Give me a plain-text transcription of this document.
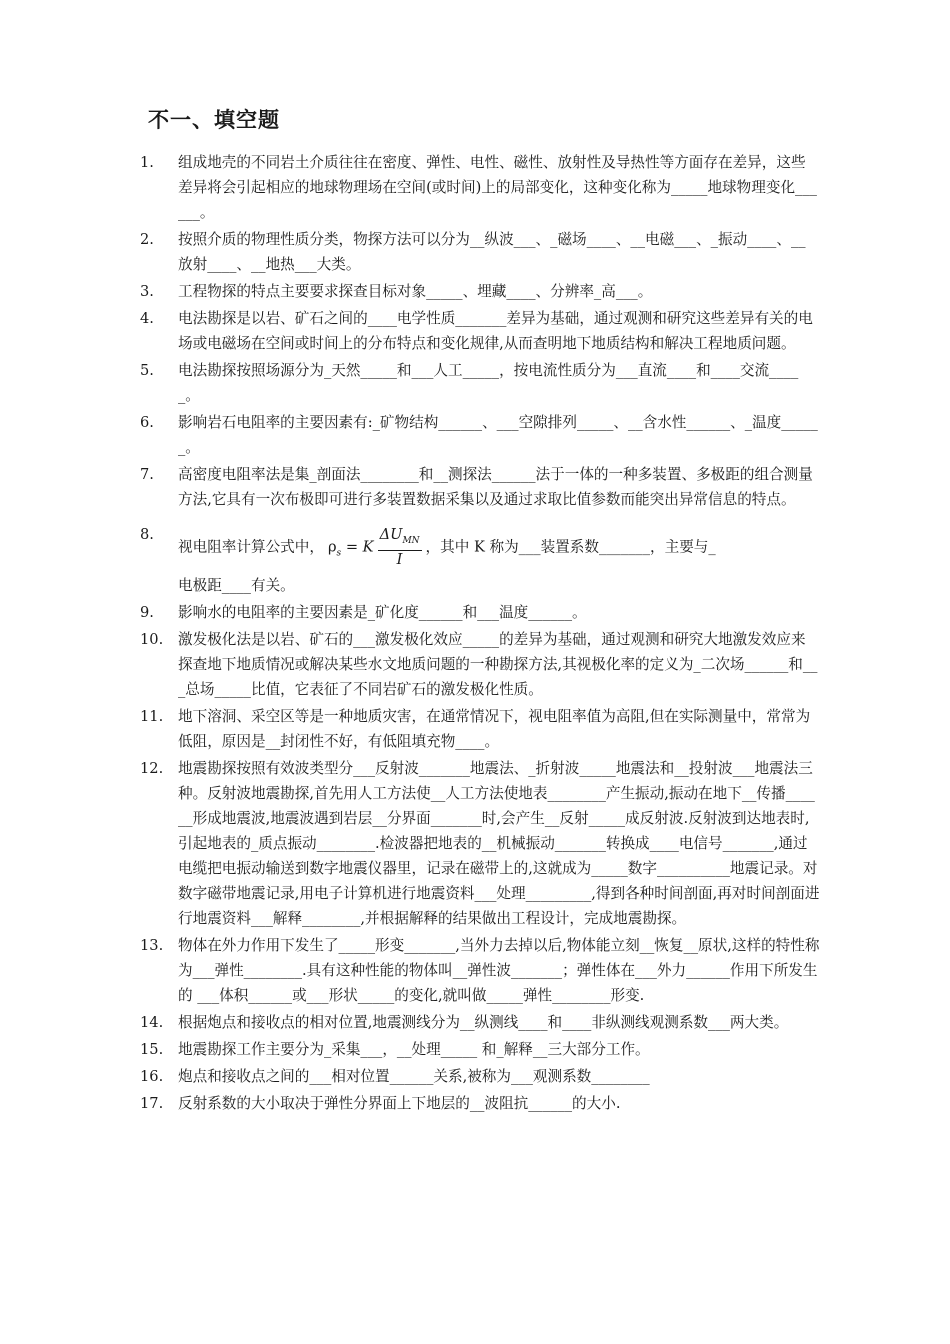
不一、填空题
1.	组成地壳的不同岩土介质往往在密度、弹性、电性、磁性、放射性及导热性等方面存在差异，这些差异将会引起相应的地球物理场在空间(或时间)上的局部变化，这种变化称为_____地球物理变化______。
2.	按照介质的物理性质分类，物探方法可以分为__纵波___、_磁场____、__电磁___、_振动____、__放射____、__地热___大类。
3.	工程物探的特点主要要求探查目标对象_____、埋藏____、分辨率_高___。
4.	电法勘探是以岩、矿石之间的____电学性质_______差异为基础，通过观测和研究这些差异有关的电场或电磁场在空间或时间上的分布特点和变化规律,从而查明地下地质结构和解决工程地质问题。
5.	电法勘探按照场源分为_天然_____和___人工_____，按电流性质分为___直流____和____交流_____。
6.	影响岩石电阻率的主要因素有:_矿物结构______、___空隙排列_____、__含水性______、_温度______。
7.	高密度电阻率法是集_剖面法________和__测探法______法于一体的一种多装置、多极距的组合测量方法,它具有一次布极即可进行多装置数据采集以及通过求取比值参数而能突出异常信息的特点。
8.
视电阻率计算公式中， $\rho_s = K \frac{\Delta U_{MN}}{I}$ ，其中 K 称为___装置系数_______，主要与_
电极距____有关。
9.	影响水的电阻率的主要因素是_矿化度______和___温度______。
10.	激发极化法是以岩、矿石的___激发极化效应_____的差异为基础，通过观测和研究大地激发效应来探查地下地质情况或解决某些水文地质问题的一种勘探方法,其视极化率的定义为_二次场______和___总场_____比值，它表征了不同岩矿石的激发极化性质。
11.	地下溶洞、采空区等是一种地质灾害，在通常情况下，视电阻率值为高阻,但在实际测量中，常常为低阻，原因是__封闭性不好，有低阻填充物____。
12.	地震勘探按照有效波类型分___反射波_______地震法、_折射波_____地震法和__投射波___地震法三种。反射波地震勘探,首先用人工方法使__人工方法使地表________产生振动,振动在地下__传播______形成地震波,地震波遇到岩层__分界面_______时,会产生__反射_____成反射波.反射波到达地表时,引起地表的_质点振动________.检波器把地表的__机械振动_______转换成____电信号_______,通过电缆把电振动输送到数字地震仪器里，记录在磁带上的,这就成为_____数字__________地震记录。对数字磁带地震记录,用电子计算机进行地震资料___处理_________,得到各种时间剖面,再对时间剖面进行地震资料___解释________,并根据解释的结果做出工程设计，完成地震勘探。
13.	物体在外力作用下发生了_____形变_______,当外力去掉以后,物体能立刻__恢复__原状,这样的特性称为___弹性________.具有这种性能的物体叫__弹性波_______；弹性体在___外力______作用下所发生的 ___体积______或___形状_____的变化,就叫做_____弹性________形变.
14.	根据炮点和接收点的相对位置,地震测线分为__纵测线____和____非纵测线观测系数___两大类。
15.	地震勘探工作主要分为_采集___，__处理_____ 和_解释__三大部分工作。
16.	炮点和接收点之间的___相对位置______关系,被称为___观测系数________
17.	反射系数的大小取决于弹性分界面上下地层的__波阻抗______的大小.
